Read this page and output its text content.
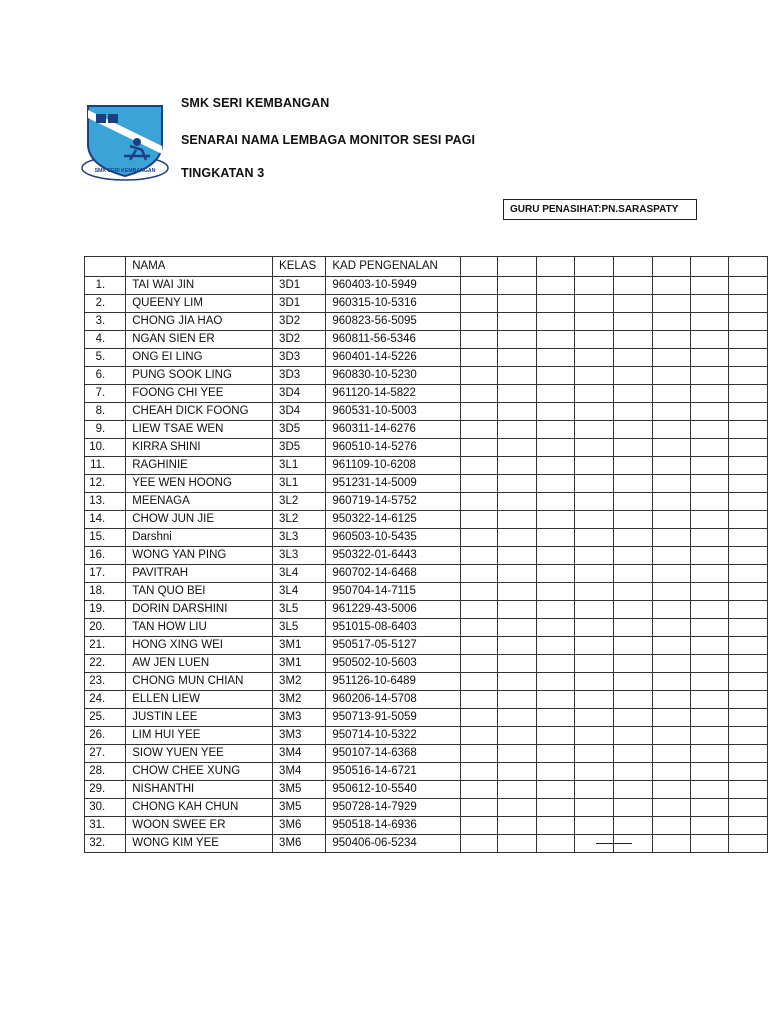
SMK SERI KEMBANGAN
SMK SERI KEMBANGAN
SENARAI NAMA LEMBAGA MONITOR SESI PAGI
TINGKATAN 3
GURU PENASIHAT:PN.SARASPATY
	NAMA	KELAS	KAD PENGENALAN								
1.	TAI WAI JIN	3D1	960403-10-5949								
2.	QUEENY LIM	3D1	960315-10-5316								
3.	CHONG JIA HAO	3D2	960823-56-5095								
4.	NGAN SIEN ER	3D2	960811-56-5346								
5.	ONG EI LING	3D3	960401-14-5226								
6.	PUNG SOOK LING	3D3	960830-10-5230								
7.	FOONG CHI YEE	3D4	961120-14-5822								
8.	CHEAH DICK FOONG	3D4	960531-10-5003								
9.	LIEW TSAE WEN	3D5	960311-14-6276								
10.	KIRRA SHINI	3D5	960510-14-5276								
11.	RAGHINIE	3L1	961109-10-6208								
12.	YEE WEN HOONG	3L1	951231-14-5009								
13.	MEENAGA	3L2	960719-14-5752								
14.	CHOW JUN JIE	3L2	950322-14-6125								
15.	Darshni	3L3	960503-10-5435								
16.	WONG YAN PING	3L3	950322-01-6443								
17.	PAVITRAH	3L4	960702-14-6468								
18.	TAN QUO BEI	3L4	950704-14-7115								
19.	DORIN DARSHINI	3L5	961229-43-5006								
20.	TAN HOW LIU	3L5	951015-08-6403								
21.	HONG XING WEI	3M1	950517-05-5127								
22.	AW JEN LUEN	3M1	950502-10-5603								
23.	CHONG MUN CHIAN	3M2	951126-10-6489								
24.	ELLEN LIEW	3M2	960206-14-5708								
25.	JUSTIN LEE	3M3	950713-91-5059								
26.	LIM HUI YEE	3M3	950714-10-5322								
27.	SIOW YUEN YEE	3M4	950107-14-6368								
28.	CHOW CHEE XUNG	3M4	950516-14-6721								
29.	NISHANTHI	3M5	950612-10-5540								
30.	CHONG KAH CHUN	3M5	950728-14-7929								
31.	WOON SWEE ER	3M6	950518-14-6936								
32.	WONG KIM YEE	3M6	950406-06-5234								
